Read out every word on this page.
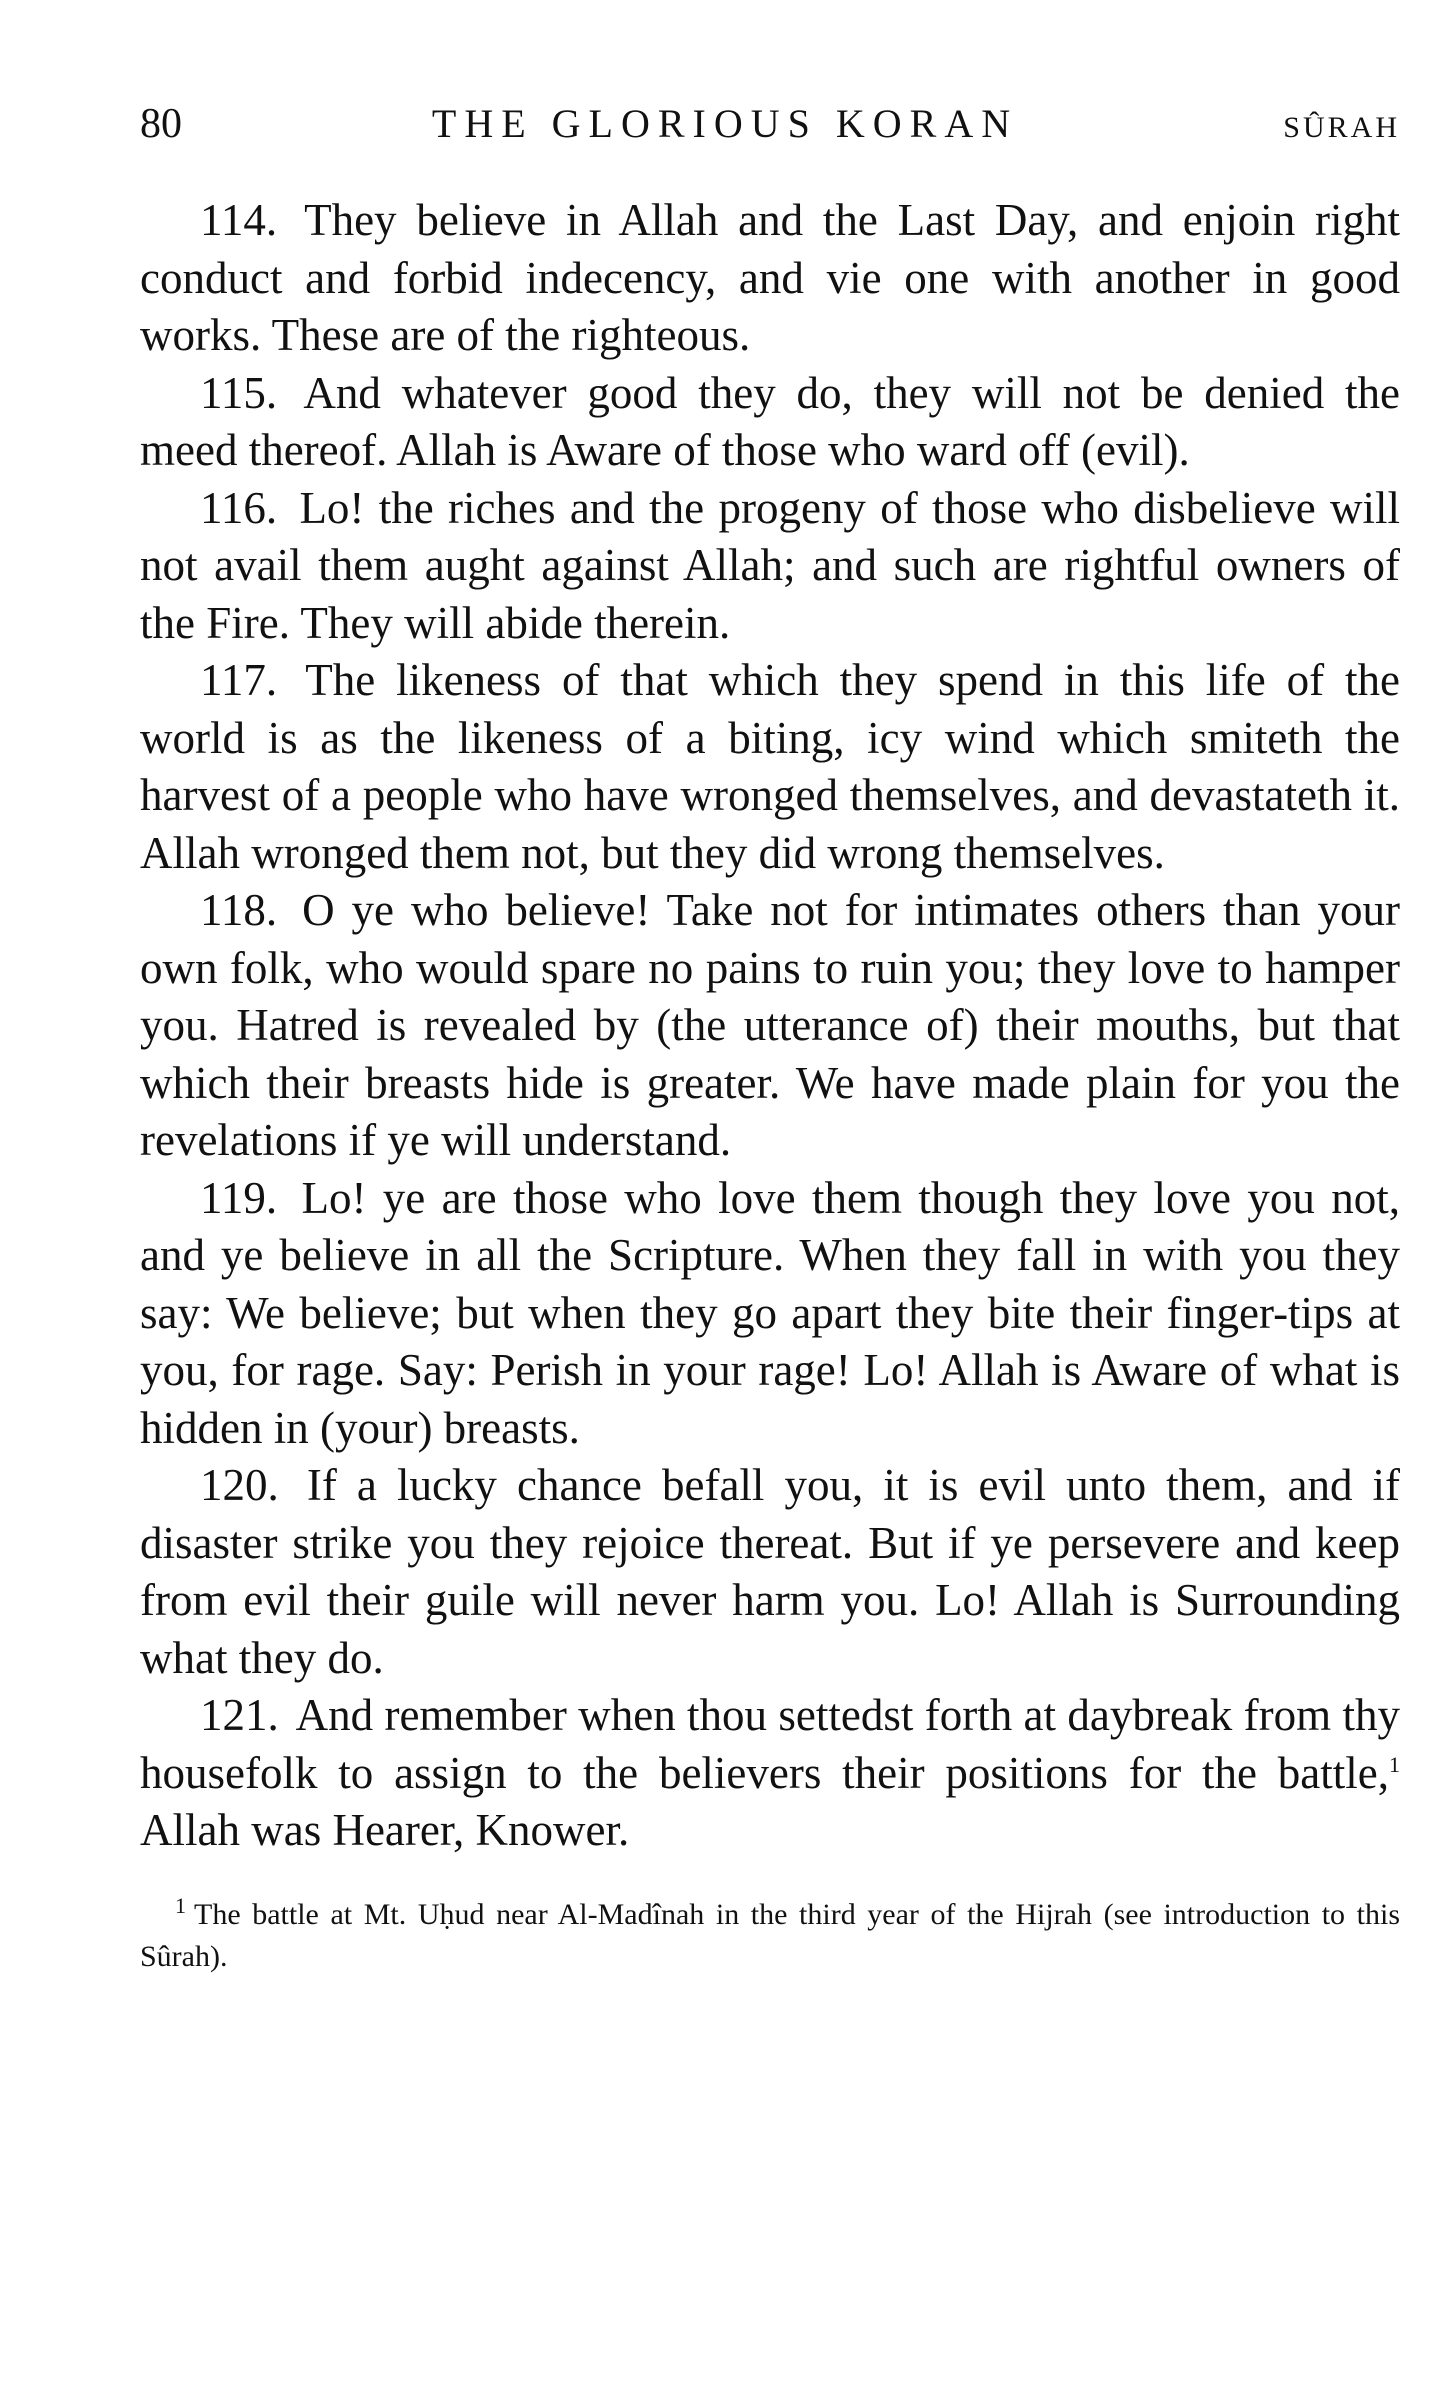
80	THE GLORIOUS KORAN	SÛRAH

114. They believe in Allah and the Last Day, and enjoin right conduct and forbid indecency, and vie one with another in good works. These are of the righteous.

115. And whatever good they do, they will not be denied the meed thereof. Allah is Aware of those who ward off (evil).

116. Lo! the riches and the progeny of those who disbelieve will not avail them aught against Allah; and such are rightful owners of the Fire. They will abide therein.

117. The likeness of that which they spend in this life of the world is as the likeness of a biting, icy wind which smiteth the harvest of a people who have wronged themselves, and devastateth it. Allah wronged them not, but they did wrong themselves.

118. O ye who believe! Take not for intimates others than your own folk, who would spare no pains to ruin you; they love to hamper you. Hatred is revealed by (the utterance of) their mouths, but that which their breasts hide is greater. We have made plain for you the revelations if ye will understand.

119. Lo! ye are those who love them though they love you not, and ye believe in all the Scripture. When they fall in with you they say: We believe; but when they go apart they bite their finger-tips at you, for rage. Say: Perish in your rage! Lo! Allah is Aware of what is hidden in (your) breasts.

120. If a lucky chance befall you, it is evil unto them, and if disaster strike you they rejoice thereat. But if ye persevere and keep from evil their guile will never harm you. Lo! Allah is Surrounding what they do.

121. And remember when thou settedst forth at daybreak from thy housefolk to assign to the believers their positions for the battle,$^1$ Allah was Hearer, Knower.

$^1$ The battle at Mt. Uḥud near Al-Madînah in the third year of the Hijrah (see introduction to this Sûrah).
